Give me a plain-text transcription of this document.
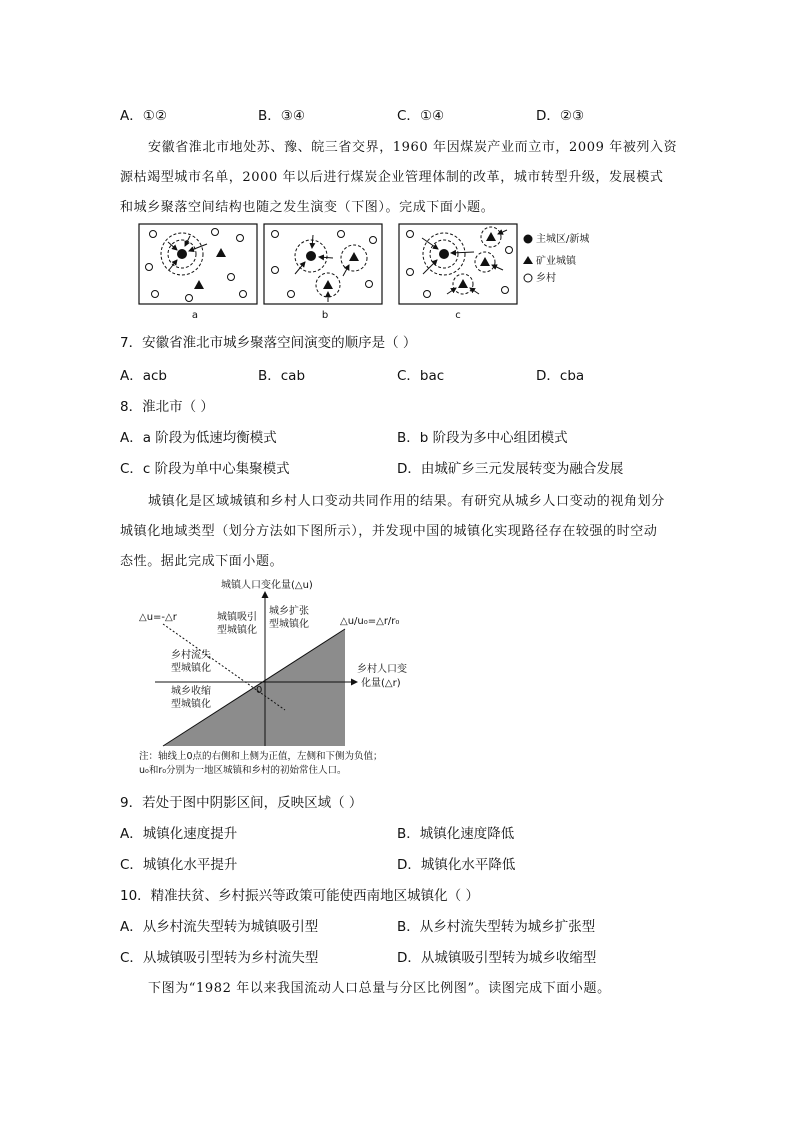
A．①②	B．③④	C．①④	D．②③
安徽省淮北市地处苏、豫、皖三省交界，1960 年因煤炭产业而立市，2009 年被列入资
源枯竭型城市名单，2000 年以后进行煤炭企业管理体制的改革，城市转型升级，发展模式
和城乡聚落空间结构也随之发生演变（下图）。完成下面小题。
主城区/新城
矿业城镇
乡村
a	b	c
7．安徽省淮北市城乡聚落空间演变的顺序是（ ）
A．acb	B．cab	C．bac	D．cba
8．淮北市（ ）
A．a 阶段为低速均衡模式	B．b 阶段为多中心组团模式
C．c 阶段为单中心集聚模式	D．由城矿乡三元发展转变为融合发展
城镇化是区域城镇和乡村人口变动共同作用的结果。有研究从城乡人口变动的视角划分
城镇化地域类型（划分方法如下图所示），并发现中国的城镇化实现路径存在较强的时空动
态性。据此完成下面小题。
城镇人口变化量(△u)
△u=-△r	△u/u₀=△r/r₀
城镇吸引
型城镇化
城乡扩张
型城镇化
乡村流失
型城镇化
城乡收缩
型城镇化
0
乡村人口变
化量(△r)
注：轴线上0点的右侧和上侧为正值，左侧和下侧为负值；
u₀和r₀分别为一地区城镇和乡村的初始常住人口。
9．若处于图中阴影区间，反映区域（ ）
A．城镇化速度提升	B．城镇化速度降低
C．城镇化水平提升	D．城镇化水平降低
10．精准扶贫、乡村振兴等政策可能使西南地区城镇化（ ）
A．从乡村流失型转为城镇吸引型	B．从乡村流失型转为城乡扩张型
C．从城镇吸引型转为乡村流失型	D．从城镇吸引型转为城乡收缩型
下图为“1982 年以来我国流动人口总量与分区比例图”。读图完成下面小题。
